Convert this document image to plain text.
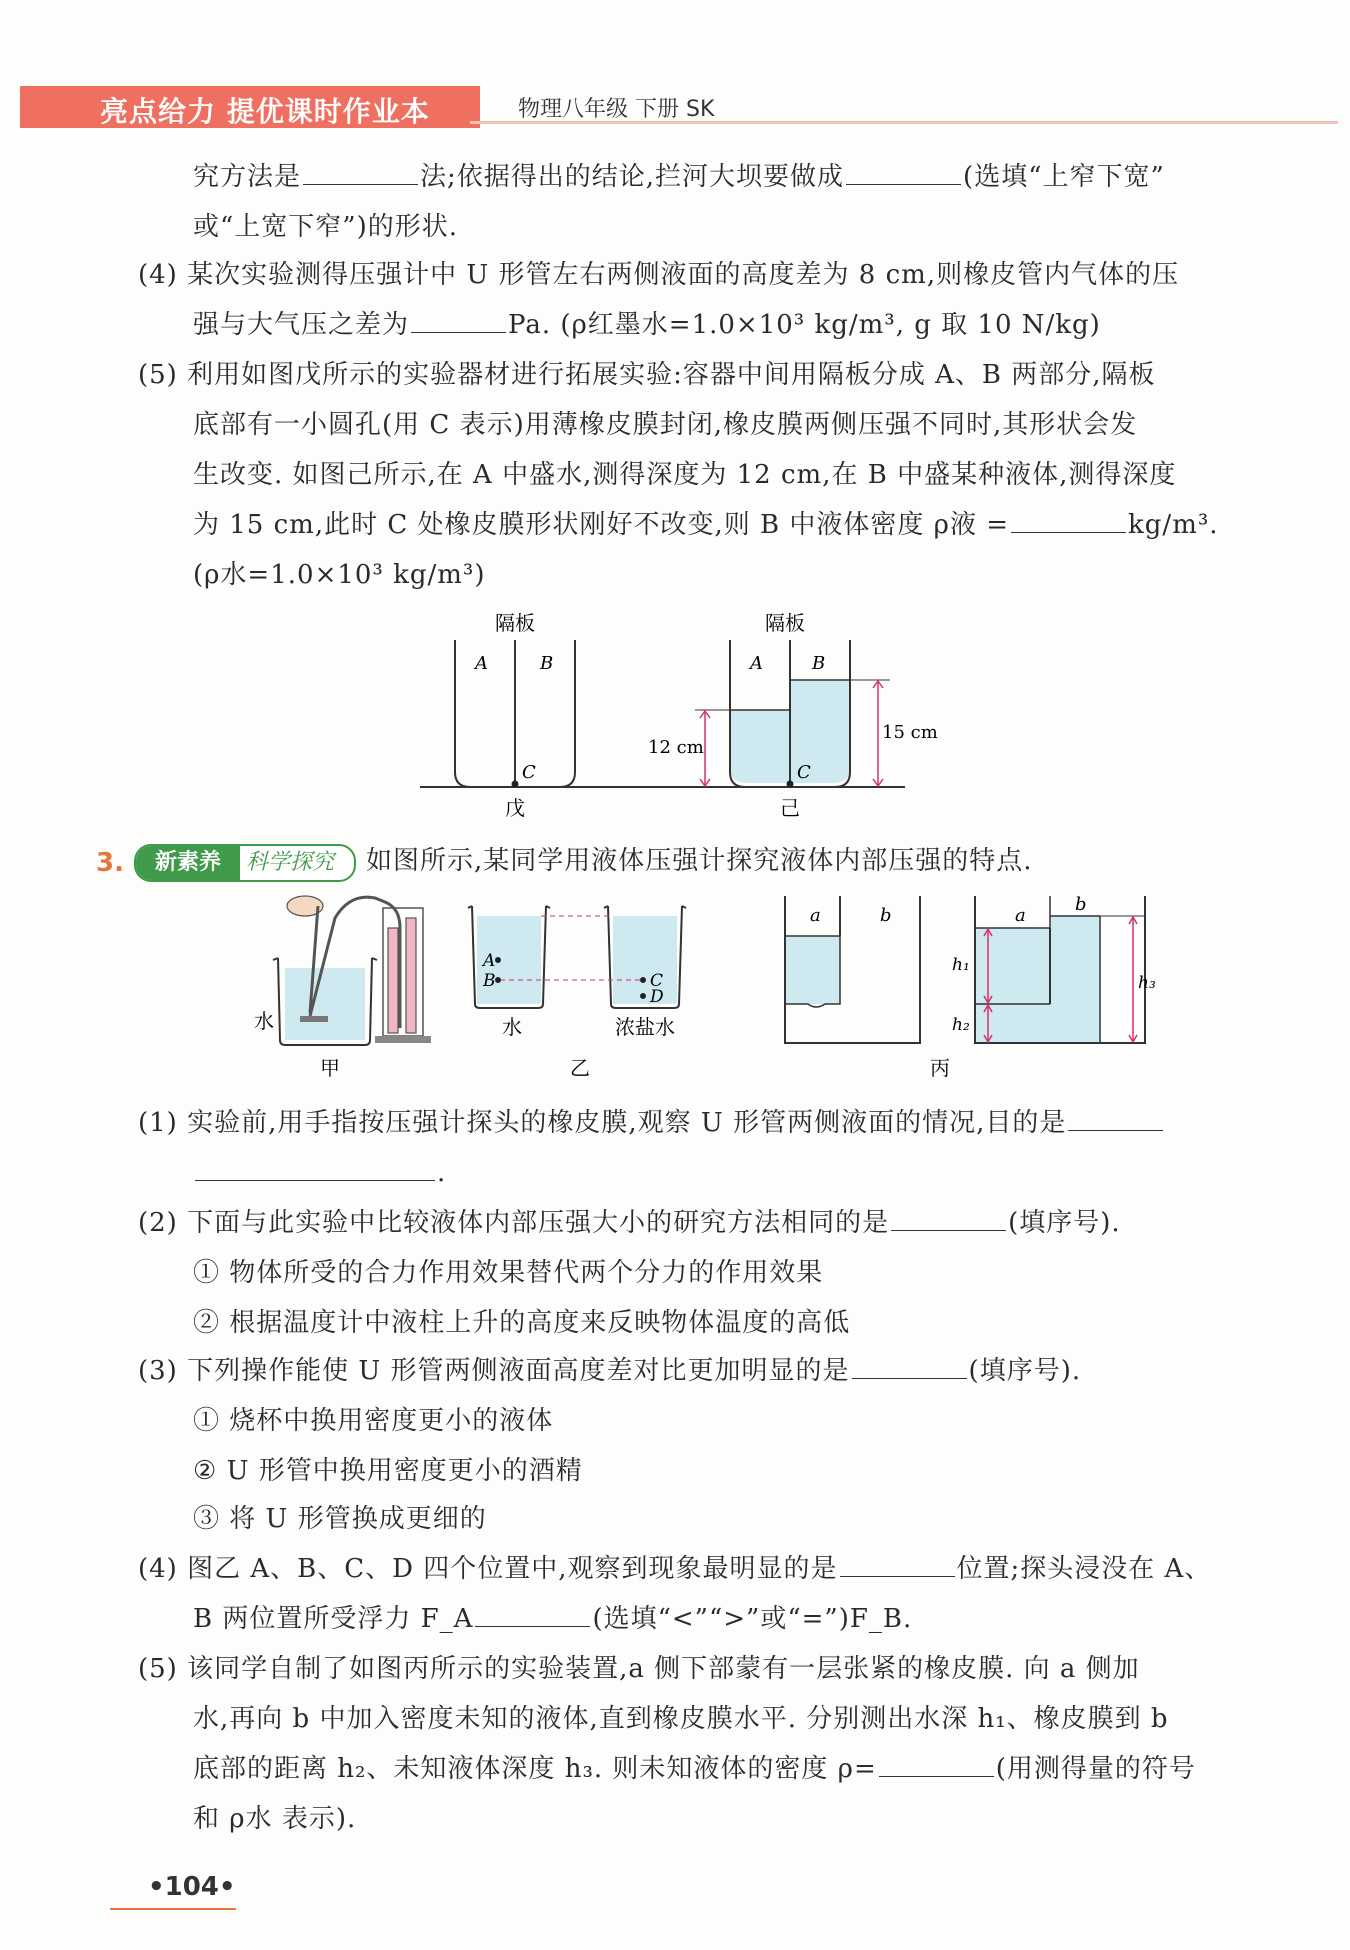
亮点给力 提优课时作业本	物理八年级 下册 SK
究方法是	法;依据得出的结论,拦河大坝要做成	(选填“上窄下宽”
或“上宽下窄”)的形状.
(4) 某次实验测得压强计中 U 形管左右两侧液面的高度差为 8 cm,则橡皮管内气体的压
强与大气压之差为	Pa. (ρ红墨水=1.0×10³ kg/m³, g 取 10 N/kg)
(5) 利用如图戊所示的实验器材进行拓展实验:容器中间用隔板分成 A、B 两部分,隔板
底部有一小圆孔(用 C 表示)用薄橡皮膜封闭,橡皮膜两侧压强不同时,其形状会发
生改变. 如图己所示,在 A 中盛水,测得深度为 12 cm,在 B 中盛某种液体,测得深度
为 15 cm,此时 C 处橡皮膜形状刚好不改变,则 B 中液体密度 ρ液 =	kg/m³.
(ρ水=1.0×10³ kg/m³)
隔板	隔板
A	B
C
戊
A	B
C
12 cm
15 cm
己
3.	新素养	科学探究 如图所示,某同学用液体压强计探究液体内部压强的特点.
水
甲
A
B	C
D
水	浓盐水
乙
a	b	a
b
h₁
h₂
h₃
丙
(1) 实验前,用手指按压强计探头的橡皮膜,观察 U 形管两侧液面的情况,目的是
.
(2) 下面与此实验中比较液体内部压强大小的研究方法相同的是	(填序号).
① 物体所受的合力作用效果替代两个分力的作用效果
② 根据温度计中液柱上升的高度来反映物体温度的高低
(3) 下列操作能使 U 形管两侧液面高度差对比更加明显的是	(填序号).
① 烧杯中换用密度更小的液体
② U 形管中换用密度更小的酒精
③ 将 U 形管换成更细的
(4) 图乙 A、B、C、D 四个位置中,观察到现象最明显的是	位置;探头浸没在 A、
B 两位置所受浮力 F_A	(选填“<”“>”或“=”)F_B.
(5) 该同学自制了如图丙所示的实验装置,a 侧下部蒙有一层张紧的橡皮膜. 向 a 侧加
水,再向 b 中加入密度未知的液体,直到橡皮膜水平. 分别测出水深 h₁、橡皮膜到 b
底部的距离 h₂、未知液体深度 h₃. 则未知液体的密度 ρ=	(用测得量的符号
和 ρ水 表示).
•104•
